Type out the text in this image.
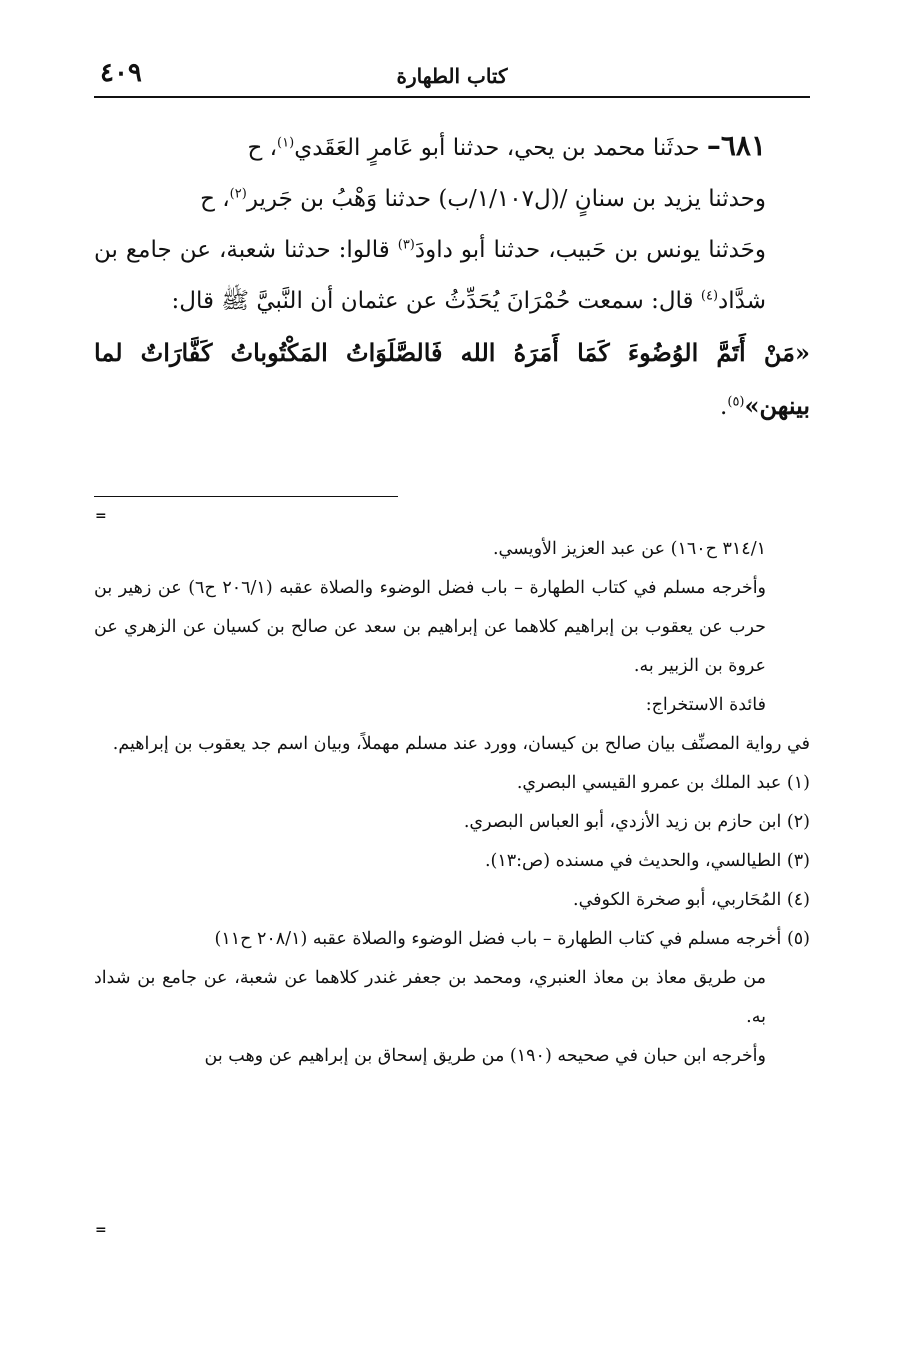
كتاب الطهارة
٤٠٩

٦٨١– حدثَنا محمد بن يحي، حدثنا أبو عَامرٍ العَقَدي$^{(١)}$، ح

وحدثنا يزيد بن سنانٍ /(ل١/١٠٧/ب) حدثنا وَهْبُ بن جَرير$^{(٢)}$، ح

وحَدثنا يونس بن حَبيب، حدثنا أبو داودَ$^{(٣)}$ قالوا: حدثنا شعبة، عن جامع بن شدَّاد$^{(٤)}$ قال: سمعت حُمْرَانَ يُحَدِّثُ عن عثمان أن النَّبيَّ ﷺ قال:

«مَنْ أَتَمَّ الوُضُوءَ كَمَا أَمَرَهُ الله فَالصَّلَوَاتُ المَكْتُوباتُ كَفَّارَاتٌ لما بينهن»$^{(٥)}$.

=

٣١٤/١ ح١٦٠) عن عبد العزيز الأويسي.

وأخرجه مسلم في كتاب الطهارة – باب فضل الوضوء والصلاة عقبه (٢٠٦/١ ح٦) عن زهير بن حرب عن يعقوب بن إبراهيم كلاهما عن إبراهيم بن سعد عن صالح بن كسيان عن الزهري عن عروة بن الزبير به.

فائدة الاستخراج:

في رواية المصنِّف بيان صالح بن كيسان، وورد عند مسلم مهملاً، وبيان اسم جد يعقوب بن إبراهيم.

(١) عبد الملك بن عمرو القيسي البصري.

(٢) ابن حازم بن زيد الأزدي، أبو العباس البصري.

(٣) الطيالسي، والحديث في مسنده (ص:١٣).

(٤) المُحَاربي، أبو صخرة الكوفي.

(٥) أخرجه مسلم في كتاب الطهارة – باب فضل الوضوء والصلاة عقبه (٢٠٨/١ ح١١)

من طريق معاذ بن معاذ العنبري، ومحمد بن جعفر غندر كلاهما عن شعبة، عن جامع بن شداد به.

وأخرجه ابن حبان في صحيحه (١٩٠) من طريق إسحاق بن إبراهيم عن وهب بن

=
